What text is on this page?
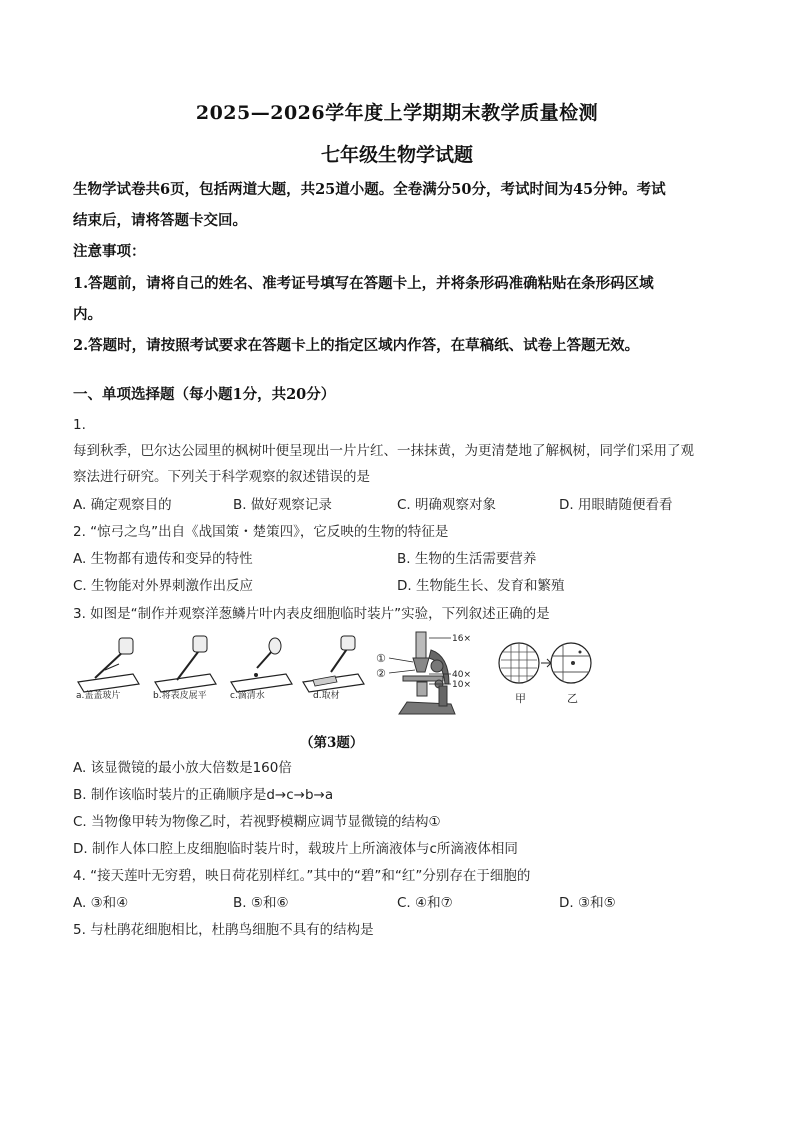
2025—2026学年度上学期期末教学质量检测
七年级生物学试题
生物学试卷共6页，包括两道大题，共25道小题。全卷满分50分，考试时间为45分钟。考试
结束后，请将答题卡交回。
注意事项：
1.答题前，请将自己的姓名、准考证号填写在答题卡上，并将条形码准确粘贴在条形码区域
内。
2.答题时，请按照考试要求在答题卡上的指定区域内作答，在草稿纸、试卷上答题无效。
一、单项选择题（每小题1分，共20分）
1.
每到秋季，巴尔达公园里的枫树叶便呈现出一片片红、一抹抹黄，为更清楚地了解枫树，同学们采用了观
察法进行研究。下列关于科学观察的叙述错误的是
A. 确定观察目的	B. 做好观察记录	C. 明确观察对象	D. 用眼睛随便看看
2. “惊弓之鸟”出自《战国策・楚策四》，它反映的生物的特征是
A. 生物都有遗传和变异的特性	B. 生物的生活需要营养
C. 生物能对外界刺激作出反应	D. 生物能生长、发育和繁殖
3. 如图是“制作并观察洋葱鳞片叶内表皮细胞临时装片”实验，下列叙述正确的是
a.盖盖玻片	b.将表皮展平	c.滴清水	d.取材
①
②
16×
40×
10×
甲	乙
（第3题）
A. 该显微镜的最小放大倍数是160倍
B. 制作该临时装片的正确顺序是d→c→b→a
C. 当物像甲转为物像乙时，若视野模糊应调节显微镜的结构①
D. 制作人体口腔上皮细胞临时装片时，载玻片上所滴液体与c所滴液体相同
4. “接天莲叶无穷碧，映日荷花别样红。”其中的“碧”和“红”分别存在于细胞的
A. ③和④	B. ⑤和⑥	C. ④和⑦	D. ③和⑤
5. 与杜鹃花细胞相比，杜鹃鸟细胞不具有的结构是
